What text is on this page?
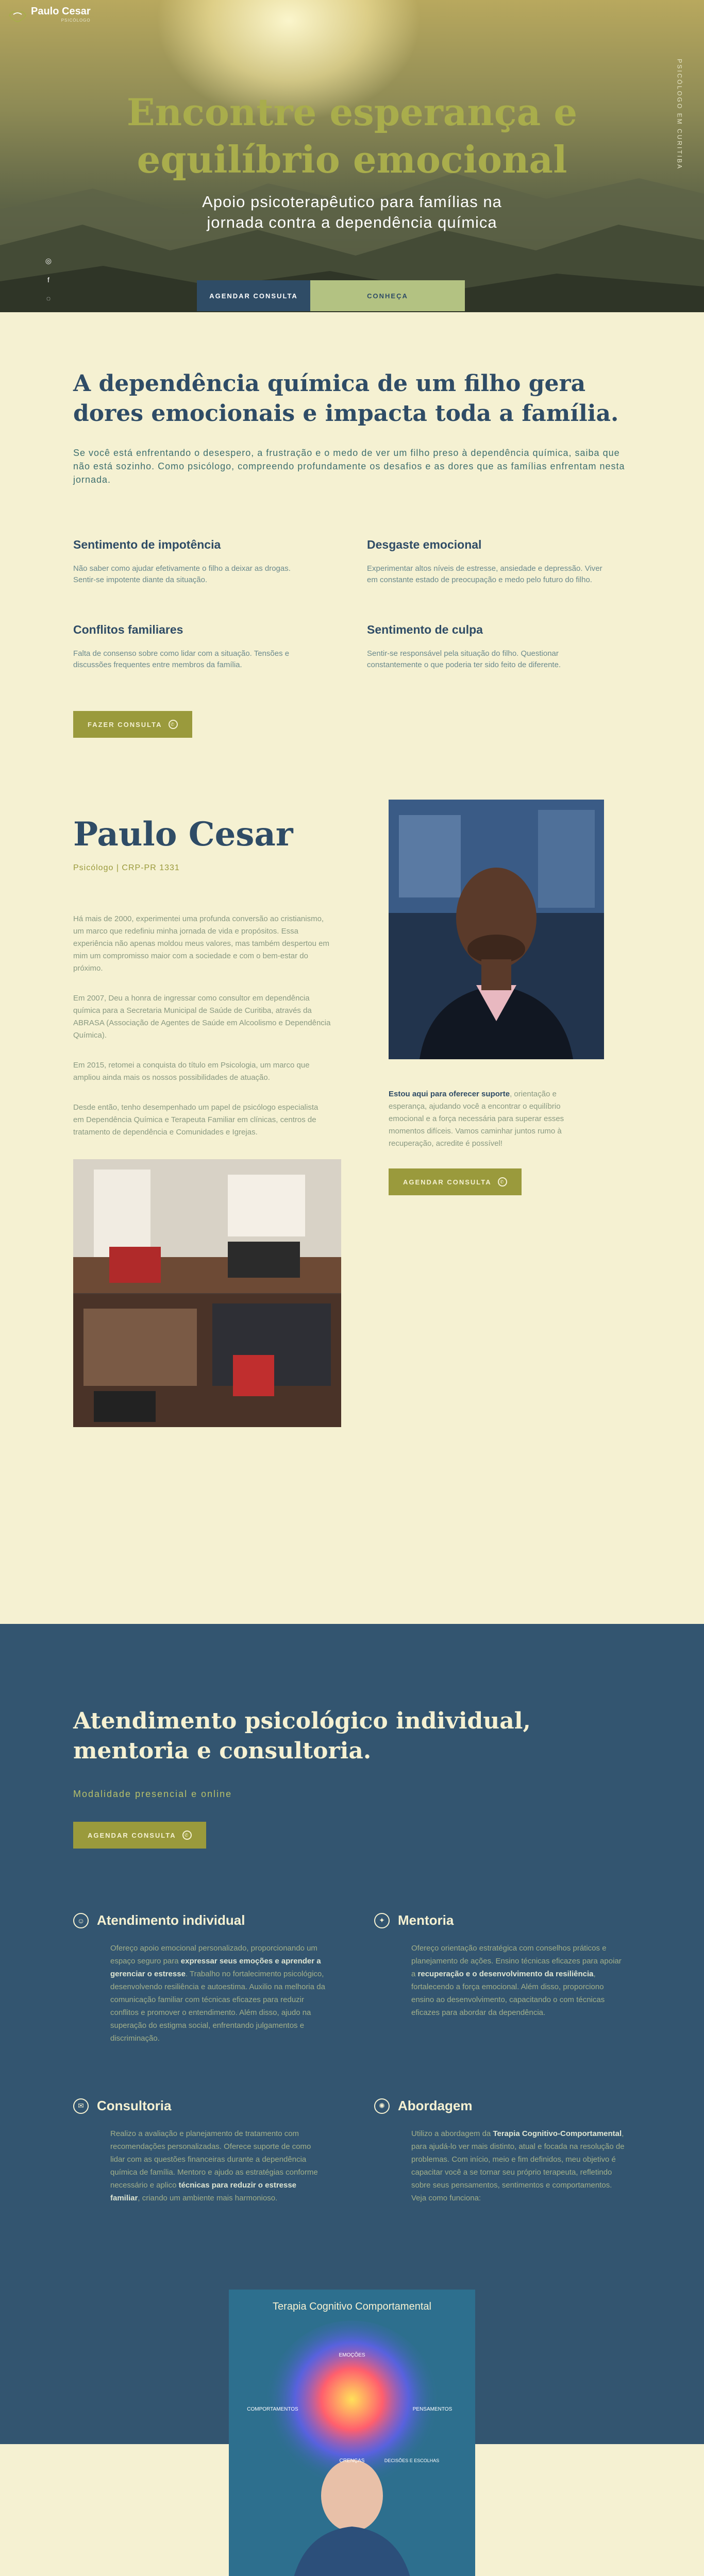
Paulo Cesar
PSICÓLOGO
Encontre esperança e
equilíbrio emocional
Apoio psicoterapêutico para famílias na
jornada contra a dependência química
AGENDAR CONSULTA	CONHEÇA
◎
f
◌
PSICÓLOGO EM CURITIBA
A dependência química de um filho gera dores emocionais e impacta toda a família.

Se você está enfrentando o desespero, a frustração e o medo de ver um filho preso à dependência química, saiba que não está sozinho. Como psicólogo, compreendo profundamente os desafios e as dores que as famílias enfrentam nesta jornada.

Sentimento de impotência

Não saber como ajudar efetivamente o filho a deixar as drogas. Sentir-se impotente diante da situação.

Desgaste emocional

Experimentar altos níveis de estresse, ansiedade e depressão. Viver em constante estado de preocupação e medo pelo futuro do filho.

Conflitos familiares

Falta de consenso sobre como lidar com a situação. Tensões e discussões frequentes entre membros da família.

Sentimento de culpa

Sentir-se responsável pela situação do filho. Questionar constantemente o que poderia ter sido feito de diferente.

FAZER CONSULTA	✆
Paulo Cesar
Psicólogo | CRP-PR 1331

Há mais de 2000, experimentei uma profunda conversão ao cristianismo, um marco que redefiniu minha jornada de vida e propósitos. Essa experiência não apenas moldou meus valores, mas também despertou em mim um compromisso maior com a sociedade e com o bem-estar do próximo.

Em 2007, Deu a honra de ingressar como consultor em dependência química para a Secretaria Municipal de Saúde de Curitiba, através da ABRASA (Associação de Agentes de Saúde em Alcoolismo e Dependência Química).

Em 2015, retomei a conquista do título em Psicologia, um marco que ampliou ainda mais os nossos possibilidades de atuação.

Desde então, tenho desempenhado um papel de psicólogo especialista em Dependência Química e Terapeuta Familiar em clínicas, centros de tratamento de dependência e Comunidades e Igrejas.

Estou aqui para oferecer suporte, orientação e esperança, ajudando você a encontrar o equilíbrio emocional e a força necessária para superar esses momentos difíceis. Vamos caminhar juntos rumo à recuperação, acredite é possível!

AGENDAR CONSULTA	✆
Atendimento psicológico individual, mentoria e consultoria.
Modalidade presencial e online
AGENDAR CONSULTA	✆
☺ Atendimento individual

Ofereço apoio emocional personalizado, proporcionando um espaço seguro para expressar seus emoções e aprender a gerenciar o estresse. Trabalho no fortalecimento psicológico, desenvolvendo resiliência e autoestima. Auxilio na melhoria da comunicação familiar com técnicas eficazes para reduzir conflitos e promover o entendimento. Além disso, ajudo na superação do estigma social, enfrentando julgamentos e discriminação.

✦ Mentoria

Ofereço orientação estratégica com conselhos práticos e planejamento de ações. Ensino técnicas eficazes para apoiar a recuperação e o desenvolvimento da resiliência, fortalecendo a força emocional. Além disso, proporciono ensino ao desenvolvimento, capacitando o com técnicas eficazes para abordar da dependência.

✉ Consultoria

Realizo a avaliação e planejamento de tratamento com recomendações personalizadas. Oferece suporte de como lidar com as questões financeiras durante a dependência química de família. Mentoro e ajudo as estratégias conforme necessário e aplico técnicas para reduzir o estresse familiar, criando um ambiente mais harmonioso.

✺ Abordagem

Utilizo a abordagem da Terapia Cognitivo-Comportamental, para ajudá-lo ver mais distinto, atual e focada na resolução de problemas. Com início, meio e fim definidos, meu objetivo é capacitar você a se tornar seu próprio terapeuta, refletindo sobre seus pensamentos, sentimentos e comportamentos. Veja como funciona:

Terapia Cognitivo Comportamental
EMOÇÕES
COMPORTAMENTOS	PENSAMENTOS
CRENÇAS	DECISÕES E ESCOLHAS
